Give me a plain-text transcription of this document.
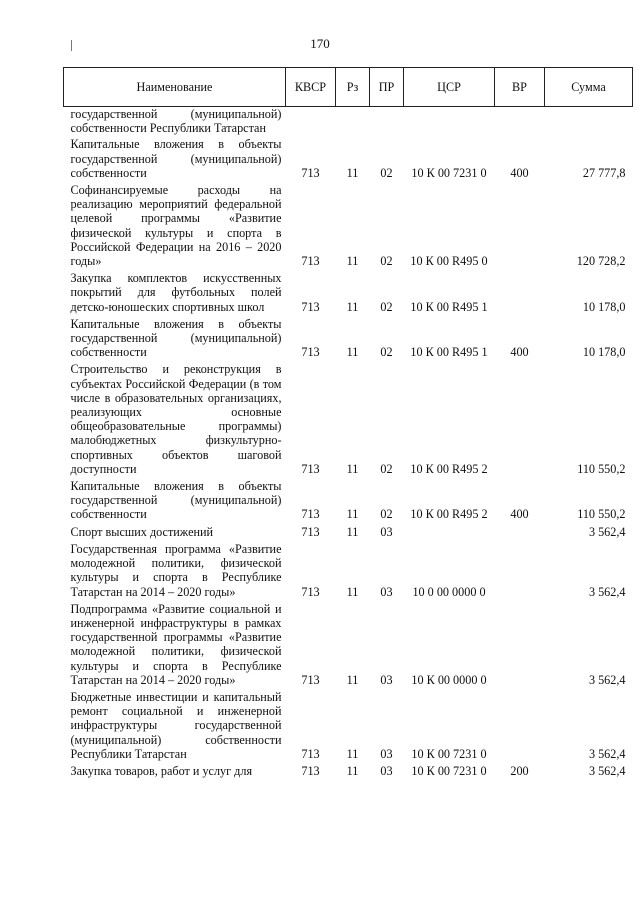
170
Наименование	КВСР	Рз	ПР	ЦСР	ВР	Сумма
государственной (муниципальной) собственности Республики Татарстан						
Капитальные вложения в объекты государственной (муниципальной) собственности	713	11	02	10 К 00 7231 0	400	27 777,8
Софинансируемые расходы на реализацию мероприятий федеральной целевой программы «Развитие физической культуры и спорта в Российской Федерации на 2016 – 2020 годы»	713	11	02	10 К 00 R495 0		120 728,2
Закупка комплектов искусственных покрытий для футбольных полей детско-юношеских спортивных школ	713	11	02	10 К 00 R495 1		10 178,0
Капитальные вложения в объекты государственной (муниципальной) собственности	713	11	02	10 К 00 R495 1	400	10 178,0
Строительство и реконструкция в субъектах Российской Федерации (в том числе в образовательных организациях, реализующих основные общеобразовательные программы) малобюджетных физкультурно-спортивных объектов шаговой доступности	713	11	02	10 К 00 R495 2		110 550,2
Капитальные вложения в объекты государственной (муниципальной) собственности	713	11	02	10 К 00 R495 2	400	110 550,2
Спорт высших достижений	713	11	03			3 562,4
Государственная программа «Развитие молодежной политики, физической культуры и спорта в Республике Татарстан на 2014 – 2020 годы»	713	11	03	10 0 00 0000 0		3 562,4
Подпрограмма «Развитие социальной и инженерной инфраструктуры в рамках государственной программы «Развитие молодежной политики, физической культуры и спорта в Республике Татарстан на 2014 – 2020 годы»	713	11	03	10 К 00 0000 0		3 562,4
Бюджетные инвестиции и капитальный ремонт социальной и инженерной инфраструктуры государственной (муниципальной) собственности Республики Татарстан	713	11	03	10 К 00 7231 0		3 562,4
Закупка товаров, работ и услуг для	713	11	03	10 К 00 7231 0	200	3 562,4
